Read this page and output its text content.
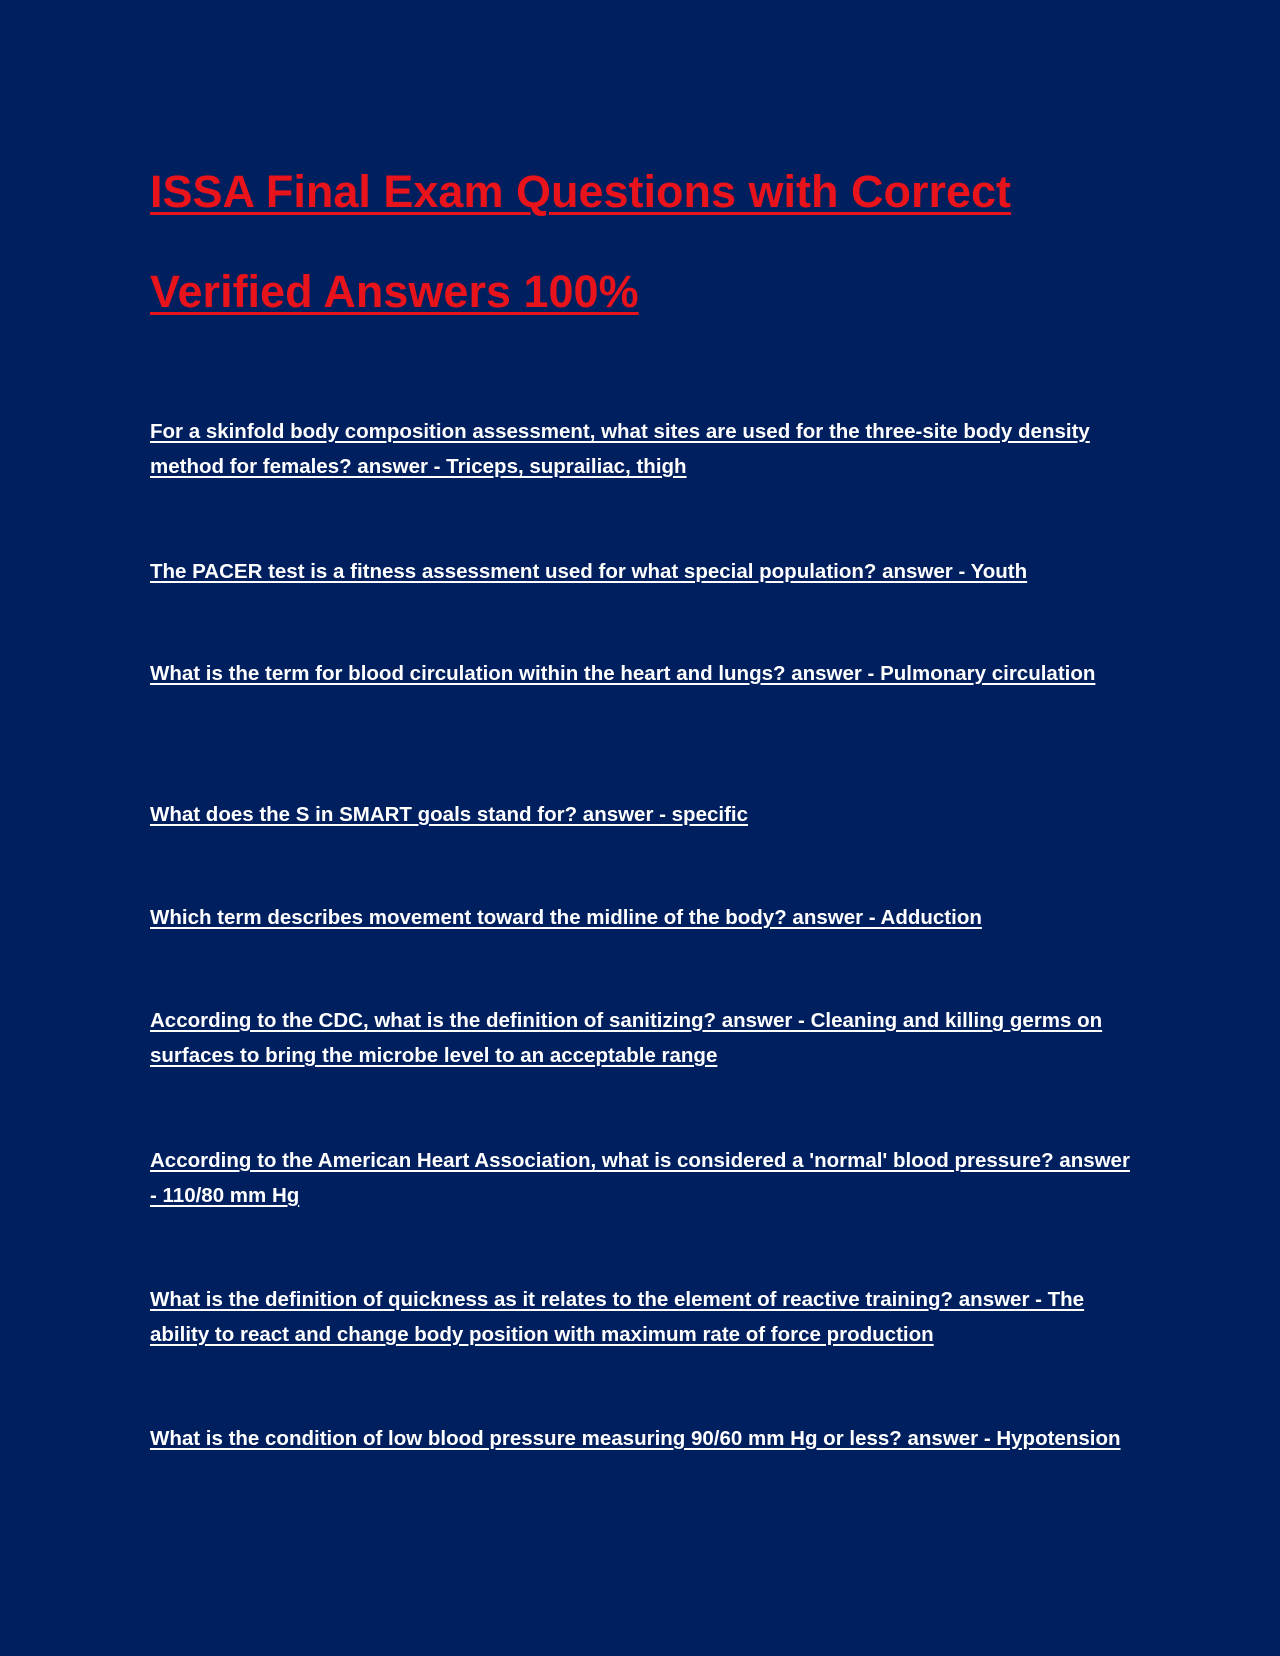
ISSA Final Exam Questions with Correct Verified Answers 100%

For a skinfold body composition assessment, what sites are used for the three-site body density method for females? answer - Triceps, suprailiac, thigh

The PACER test is a fitness assessment used for what special population? answer - Youth

What is the term for blood circulation within the heart and lungs? answer - Pulmonary circulation

What does the S in SMART goals stand for? answer - specific

Which term describes movement toward the midline of the body? answer - Adduction

According to the CDC, what is the definition of sanitizing? answer - Cleaning and killing germs on surfaces to bring the microbe level to an acceptable range

According to the American Heart Association, what is considered a 'normal' blood pressure? answer - 110/80 mm Hg

What is the definition of quickness as it relates to the element of reactive training? answer - The ability to react and change body position with maximum rate of force production

What is the condition of low blood pressure measuring 90/60 mm Hg or less? answer - Hypotension
